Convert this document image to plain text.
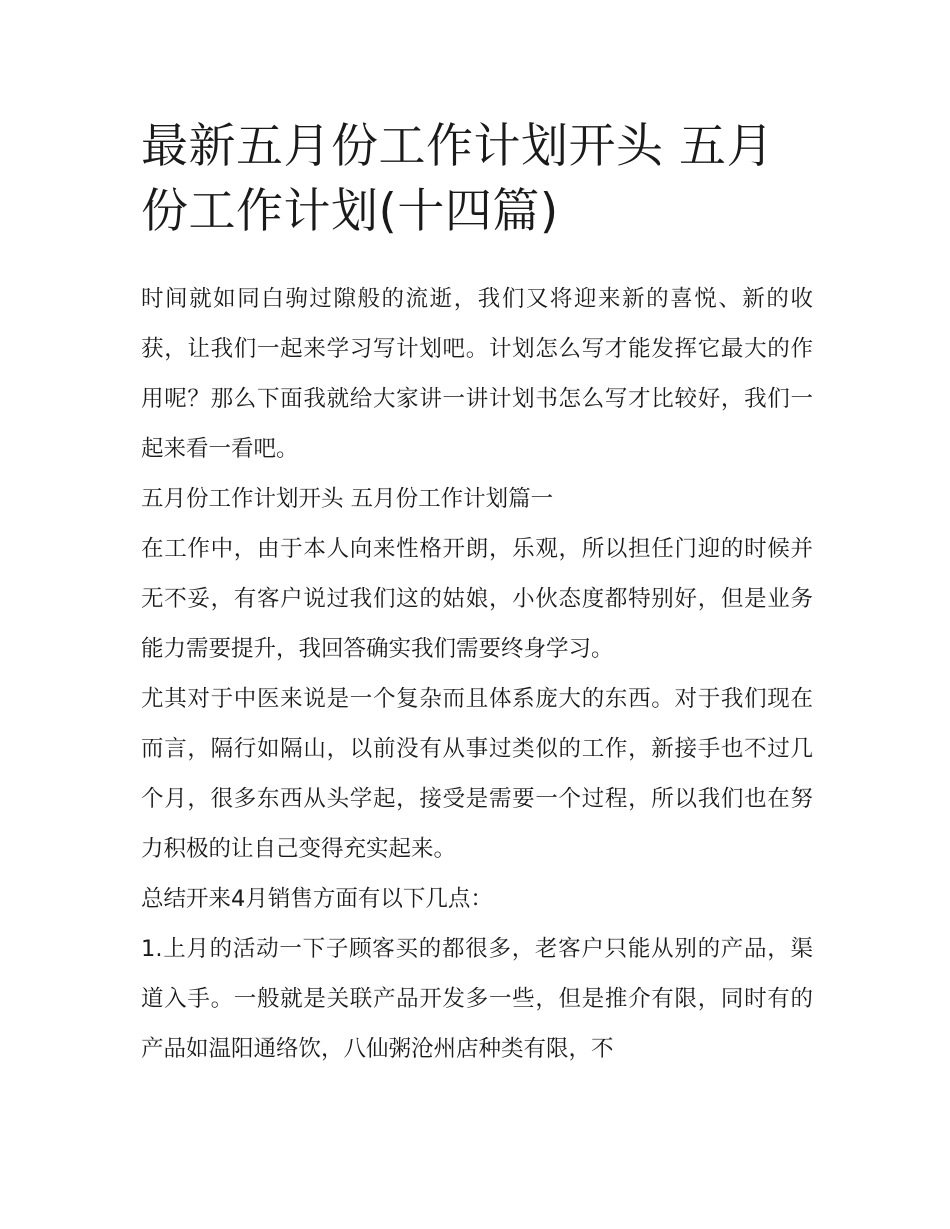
最新五月份工作计划开头 五月份工作计划(十四篇)

时间就如同白驹过隙般的流逝，我们又将迎来新的喜悦、新的收获，让我们一起来学习写计划吧。计划怎么写才能发挥它最大的作用呢？那么下面我就给大家讲一讲计划书怎么写才比较好，我们一起来看一看吧。

五月份工作计划开头 五月份工作计划篇一

在工作中，由于本人向来性格开朗，乐观，所以担任门迎的时候并无不妥，有客户说过我们这的姑娘，小伙态度都特别好，但是业务能力需要提升，我回答确实我们需要终身学习。

尤其对于中医来说是一个复杂而且体系庞大的东西。对于我们现在而言，隔行如隔山，以前没有从事过类似的工作，新接手也不过几个月，很多东西从头学起，接受是需要一个过程，所以我们也在努力积极的让自己变得充实起来。

总结开来4月销售方面有以下几点：

1.上月的活动一下子顾客买的都很多，老客户只能从别的产品，渠道入手。一般就是关联产品开发多一些，但是推介有限，同时有的产品如温阳通络饮，八仙粥沧州店种类有限，不
